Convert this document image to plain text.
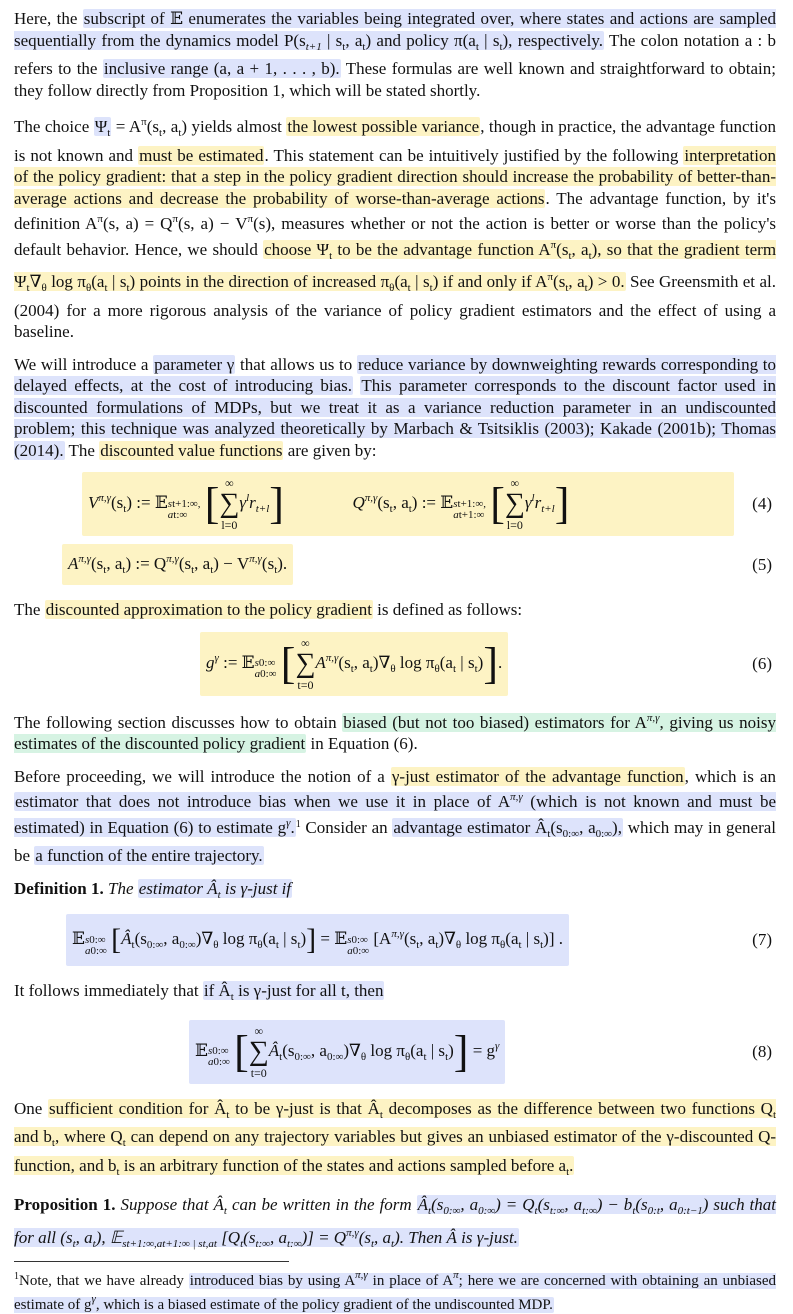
Here, the subscript of 𝔼 enumerates the variables being integrated over, where states and actions are sampled sequentially from the dynamics model $P(s_{t+1}$ | $s_t$, $a_t$) and policy $\pi(a_t$ | $s_t$), respectively. The colon notation a : b refers to the inclusive range (a, a + 1, . . . , b). These formulas are well known and straightforward to obtain; they follow directly from Proposition 1, which will be stated shortly.

The choice $\Psi_t = A^\pi(s_t$, $a_t$) yields almost the lowest possible variance, though in practice, the advantage function is not known and must be estimated. This statement can be intuitively justified by the following interpretation of the policy gradient: that a step in the policy gradient direction should increase the probability of better-than-average actions and decrease the probability of worse-than-average actions. The advantage function, by it's definition $A^\pi(s$, $a) = Q^\pi(s$, $a) - V^\pi(s)$, measures whether or not the action is better or worse than the policy's default behavior. Hence, we should choose $\Psi_t$ to be the advantage function $A^\pi(s_t$, $a_t$), so that the gradient term $\Psi_t\nabla_\theta$ $\log \pi_\theta(a_t$ | $s_t$) points in the direction of increased $\pi_\theta(a_t$ | $s_t$) if and only if $A^\pi(s_t$, $a_t) > 0$. See Greensmith et al. (2004) for a more rigorous analysis of the variance of policy gradient estimators and the effect of using a baseline.

We will introduce a parameter γ that allows us to reduce variance by downweighting rewards corresponding to delayed effects, at the cost of introducing bias. This parameter corresponds to the discount factor used in discounted formulations of MDPs, but we treat it as a variance reduction parameter in an undiscounted problem; this technique was analyzed theoretically by Marbach & Tsitsiklis (2003); Kakade (2001b); Thomas (2014). The discounted value functions are given by:

$V^{\pi,\gamma}(s_t)$ := 𝔼st+1:∞,
at:∞ [ ∞
∑
$l=0\gamma^lr_{t+l}$]	$Q^{\pi,\gamma}(s_t$, $a_t$) := 𝔼st+1:∞,
at+1:∞ [ ∞
∑
$l=0\gamma^lr_{t+l}$]	(4)
$A^{\pi,\gamma}(s_t$, $a_t$) := $Q^{\pi,\gamma}(s_t$, $a_t) - V^{\pi,\gamma}(s_t)$.	(5)

The discounted approximation to the policy gradient is defined as follows:

$g^\gamma$ := 𝔼s0:∞
a0:∞ [ ∞
∑
$t=0A^{\pi,\gamma}(s_t$, $a_t)\nabla_\theta$ $\log \pi_\theta(a_t$ | $s_t$)].	(6)

The following section discusses how to obtain biased (but not too biased) estimators for $A^{\pi,\gamma}$, giving us noisy estimates of the discounted policy gradient in Equation (6).

Before proceeding, we will introduce the notion of a γ-just estimator of the advantage function, which is an estimator that does not introduce bias when we use it in place of $A^{\pi,\gamma}$ (which is not known and must be estimated) in Equation (6) to estimate $g^\gamma.^1$ Consider an advantage estimator $Â_t(s_{0:\infty}$, $a_{0:\infty}$), which may in general be a function of the entire trajectory.

Definition 1. The estimator $Â_t$ is γ-just if
𝔼s0:∞
a0:∞ [$Â_t(s_{0:\infty}$, $a_{0:\infty})\nabla_\theta$ $\log \pi_\theta(a_t$ | $s_t$)] = 𝔼s0:∞
a0:∞ [$A^{\pi,\gamma}(s_t$, $a_t)\nabla_\theta$ $\log \pi_\theta(a_t$ | $s_t$)] .	(7)

It follows immediately that if $Â_t$ is γ-just for all t, then

𝔼s0:∞
a0:∞ [ ∞
∑
$t=0Â_t(s_{0:\infty}$, $a_{0:\infty})\nabla_\theta$ $\log \pi_\theta(a_t$ | $s_t)] = g^\gamma$	(8)

One sufficient condition for $Â_t$ to be γ-just is that $Â_t$ decomposes as the difference between two functions $Q_t$ and $b_t$, where $Q_t$ can depend on any trajectory variables but gives an unbiased estimator of the γ-discounted Q-function, and $b_t$ is an arbitrary function of the states and actions sampled before $a_t$.

Proposition 1. Suppose that $Â_t$ can be written in the form $Â_t(s_{0:\infty}$, $a_{0:\infty}) = Q_t(s_{t:\infty}$, $a_{t:\infty}) - b_t(s_{0:t}$, $a_{0:t-1}$) such that for all ($s_t$, $a_t$), 𝔼$_{st+1:\infty,at+1:\infty}$ $_{| st,at}$ [$Q_t(s_{t:\infty}$, $a_{t:\infty})] = Q^{\pi,\gamma}(s_t$, $a_t$). Then Â is γ-just.

$^1$Note, that we have already introduced bias by using $A^{\pi,\gamma}$ in place of $A^\pi$; here we are concerned with obtaining an unbiased estimate of $g^\gamma$, which is a biased estimate of the policy gradient of the undiscounted MDP.
